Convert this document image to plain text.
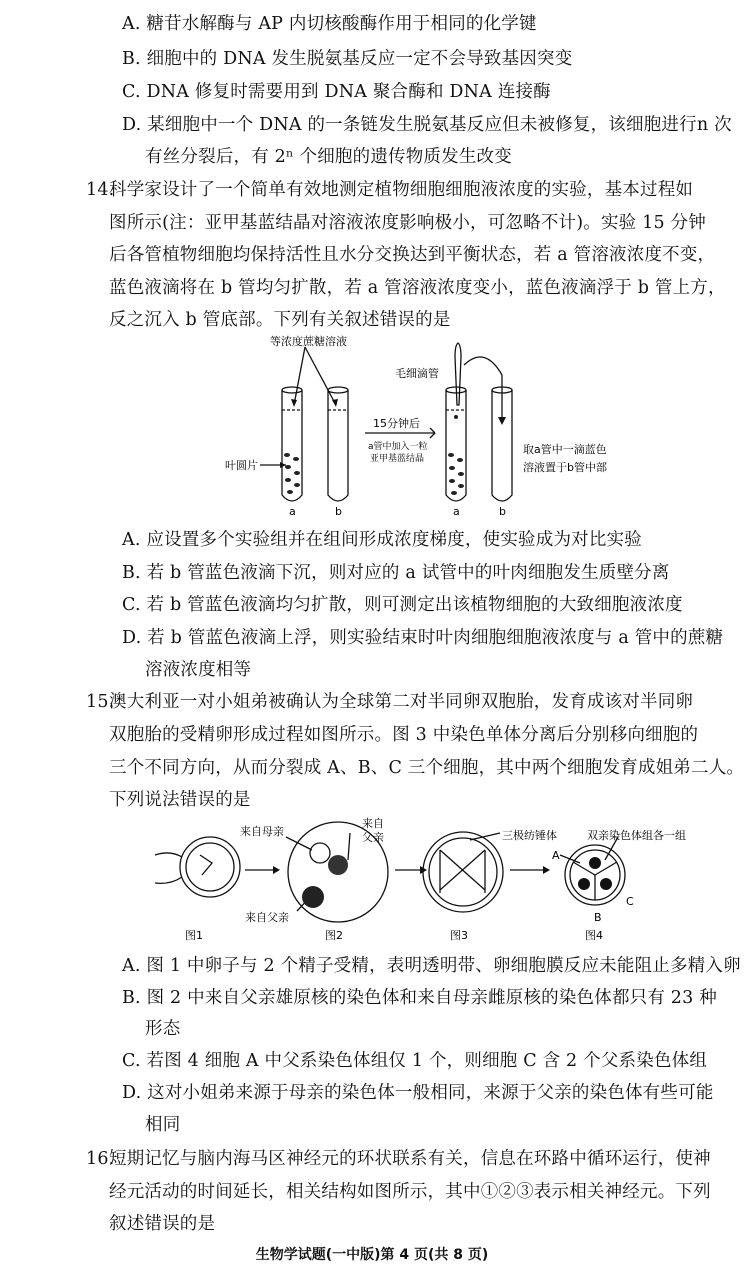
A. 糖苷水解酶与 AP 内切核酸酶作用于相同的化学键
B. 细胞中的 DNA 发生脱氨基反应一定不会导致基因突变
C. DNA 修复时需要用到 DNA 聚合酶和 DNA 连接酶
D. 某细胞中一个 DNA 的一条链发生脱氨基反应但未被修复，该细胞进行n 次
有丝分裂后，有 2ⁿ 个细胞的遗传物质发生改变
14.
科学家设计了一个简单有效地测定植物细胞细胞液浓度的实验，基本过程如
图所示(注：亚甲基蓝结晶对溶液浓度影响极小，可忽略不计)。实验 15 分钟
后各管植物细胞均保持活性且水分交换达到平衡状态，若 a 管溶液浓度不变，
蓝色液滴将在 b 管均匀扩散，若 a 管溶液浓度变小，蓝色液滴浮于 b 管上方，
反之沉入 b 管底部。下列有关叙述错误的是
等浓度蔗糖溶液
毛细滴管
15分钟后
a管中加入一粒
亚甲基蓝结晶
叶圆片
取a管中一滴蓝色
溶液置于b管中部
a	b	a	b
A. 应设置多个实验组并在组间形成浓度梯度，使实验成为对比实验
B. 若 b 管蓝色液滴下沉，则对应的 a 试管中的叶肉细胞发生质壁分离
C. 若 b 管蓝色液滴均匀扩散，则可测定出该植物细胞的大致细胞液浓度
D. 若 b 管蓝色液滴上浮，则实验结束时叶肉细胞细胞液浓度与 a 管中的蔗糖
溶液浓度相等
15.
澳大利亚一对小姐弟被确认为全球第二对半同卵双胞胎，发育成该对半同卵
双胞胎的受精卵形成过程如图所示。图 3 中染色单体分离后分别移向细胞的
三个不同方向，从而分裂成 A、B、C 三个细胞，其中两个细胞发育成姐弟二人。
下列说法错误的是
来自母亲
来自
父亲
来自父亲
三极纺锤体	双亲染色体组各一组
A
B
C
图1	图2	图3	图4
A. 图 1 中卵子与 2 个精子受精，表明透明带、卵细胞膜反应未能阻止多精入卵
B. 图 2 中来自父亲雄原核的染色体和来自母亲雌原核的染色体都只有 23 种
形态
C. 若图 4 细胞 A 中父系染色体组仅 1 个，则细胞 C 含 2 个父系染色体组
D. 这对小姐弟来源于母亲的染色体一般相同，来源于父亲的染色体有些可能
相同
16.
短期记忆与脑内海马区神经元的环状联系有关，信息在环路中循环运行，使神
经元活动的时间延长，相关结构如图所示，其中①②③表示相关神经元。下列
叙述错误的是
生物学试题(一中版)第 4 页(共 8 页)
